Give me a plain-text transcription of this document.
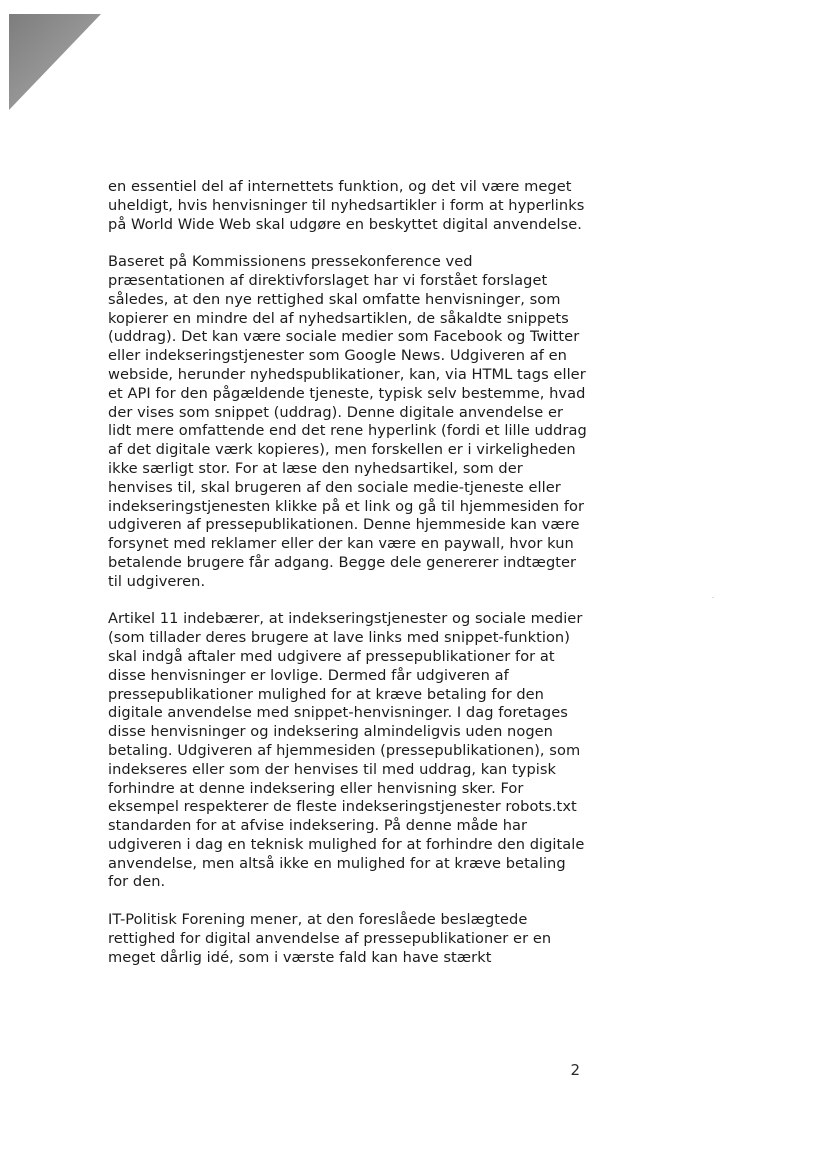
en essentiel del af internettets funktion, og det vil være meget uheldigt, hvis henvisninger til nyhedsartikler i form at hyperlinks på World Wide Web skal udgøre en beskyttet digital anvendelse.

Baseret på Kommissionens pressekonference ved præsentationen af direktivforslaget har vi forstået forslaget således, at den nye rettighed skal omfatte henvisninger, som kopierer en mindre del af nyhedsartiklen, de såkaldte snippets (uddrag). Det kan være sociale medier som Facebook og Twitter eller indekseringstjenester som Google News. Udgiveren af en webside, herunder nyhedspublikationer, kan, via HTML tags eller et API for den pågældende tjeneste, typisk selv bestemme, hvad der vises som snippet (uddrag). Denne digitale anvendelse er lidt mere omfattende end det rene hyperlink (fordi et lille uddrag af det digitale værk kopieres), men forskellen er i virkeligheden ikke særligt stor. For at læse den nyhedsartikel, som der henvises til, skal brugeren af den sociale medie-tjeneste eller indekseringstjenesten klikke på et link og gå til hjemmesiden for udgiveren af pressepublikationen. Denne hjemmeside kan være forsynet med reklamer eller der kan være en paywall, hvor kun betalende brugere får adgang. Begge dele genererer indtægter til udgiveren.

Artikel 11 indebærer, at indekseringstjenester og sociale medier (som tillader deres brugere at lave links med snippet-funktion) skal indgå aftaler med udgivere af pressepublikationer for at disse henvisninger er lovlige. Dermed får udgiveren af pressepublikationer mulighed for at kræve betaling for den digitale anvendelse med snippet-henvisninger. I dag foretages disse henvisninger og indeksering almindeligvis uden nogen betaling. Udgiveren af hjemmesiden (pressepublikationen), som indekseres eller som der henvises til med uddrag, kan typisk forhindre at denne indeksering eller henvisning sker. For eksempel respekterer de fleste indekseringstjenester robots.txt standarden for at afvise indeksering. På denne måde har udgiveren i dag en teknisk mulighed for at forhindre den digitale anvendelse, men altså ikke en mulighed for at kræve betaling for den.

IT-Politisk Forening mener, at den foreslåede beslægtede rettighed for digital anvendelse af pressepublikationer er en meget dårlig idé, som i værste fald kan have stærkt

2
